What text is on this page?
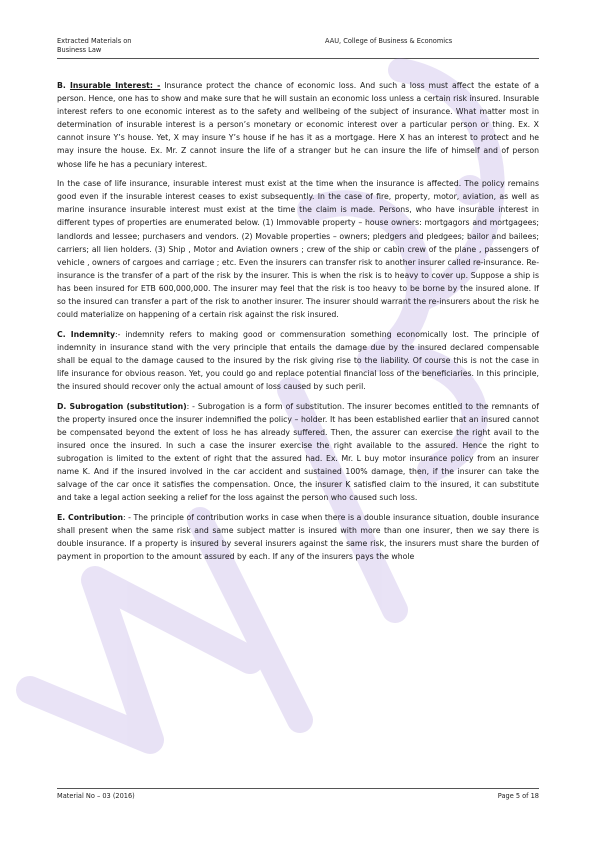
Extracted Materials on
Business Law
AAU, College of Business & Economics

B. Insurable Interest: - Insurance protect the chance of economic loss. And such a loss must affect the estate of a person. Hence, one has to show and make sure that he will sustain an economic loss unless a certain risk insured. Insurable interest refers to one economic interest as to the safety and wellbeing of the subject of insurance. What matter most in determination of insurable interest is a person’s monetary or economic interest over a particular person or thing. Ex. X cannot insure Y’s house. Yet, X may insure Y’s house if he has it as a mortgage. Here X has an interest to protect and he may insure the house. Ex. Mr. Z cannot insure the life of a stranger but he can insure the life of himself and of person whose life he has a pecuniary interest.

In the case of life insurance, insurable interest must exist at the time when the insurance is affected. The policy remains good even if the insurable interest ceases to exist subsequently. In the case of fire, property, motor, aviation, as well as marine insurance insurable interest must exist at the time the claim is made. Persons, who have insurable interest in different types of properties are enumerated below. (1) Immovable property – house owners: mortgagors and mortgagees; landlords and lessee; purchasers and vendors. (2) Movable properties – owners; pledgers and pledgees; bailor and bailees; carriers; all lien holders. (3) Ship , Motor and Aviation owners ; crew of the ship or cabin crew of the plane , passengers of vehicle , owners of cargoes and carriage ; etc. Even the insurers can transfer risk to another insurer called re-insurance. Re-insurance is the transfer of a part of the risk by the insurer. This is when the risk is to heavy to cover up. Suppose a ship is has been insured for ETB 600,000,000. The insurer may feel that the risk is too heavy to be borne by the insured alone. If so the insured can transfer a part of the risk to another insurer. The insurer should warrant the re-insurers about the risk he could materialize on happening of a certain risk against the risk insured.

C. Indemnity:- indemnity refers to making good or commensuration something economically lost. The principle of indemnity in insurance stand with the very principle that entails the damage due by the insured declared compensable shall be equal to the damage caused to the insured by the risk giving rise to the liability. Of course this is not the case in life insurance for obvious reason. Yet, you could go and replace potential financial loss of the beneficiaries. In this principle, the insured should recover only the actual amount of loss caused by such peril.

D. Subrogation (substitution): - Subrogation is a form of substitution. The insurer becomes entitled to the remnants of the property insured once the insurer indemnified the policy – holder. It has been established earlier that an insured cannot be compensated beyond the extent of loss he has already suffered. Then, the assurer can exercise the right avail to the insured once the insured. In such a case the insurer exercise the right available to the assured. Hence the right to subrogation is limited to the extent of right that the assured had. Ex. Mr. L buy motor insurance policy from an insurer name K. And if the insured involved in the car accident and sustained 100% damage, then, if the insurer can take the salvage of the car once it satisfies the compensation. Once, the insurer K satisfied claim to the insured, it can substitute and take a legal action seeking a relief for the loss against the person who caused such loss.

E. Contribution: - The principle of contribution works in case when there is a double insurance situation, double insurance shall present when the same risk and same subject matter is insured with more than one insurer, then we say there is double insurance. If a property is insured by several insurers against the same risk, the insurers must share the burden of payment in proportion to the amount assured by each. If any of the insurers pays the whole

Material No – 03 (2016)	Page 5 of 18
